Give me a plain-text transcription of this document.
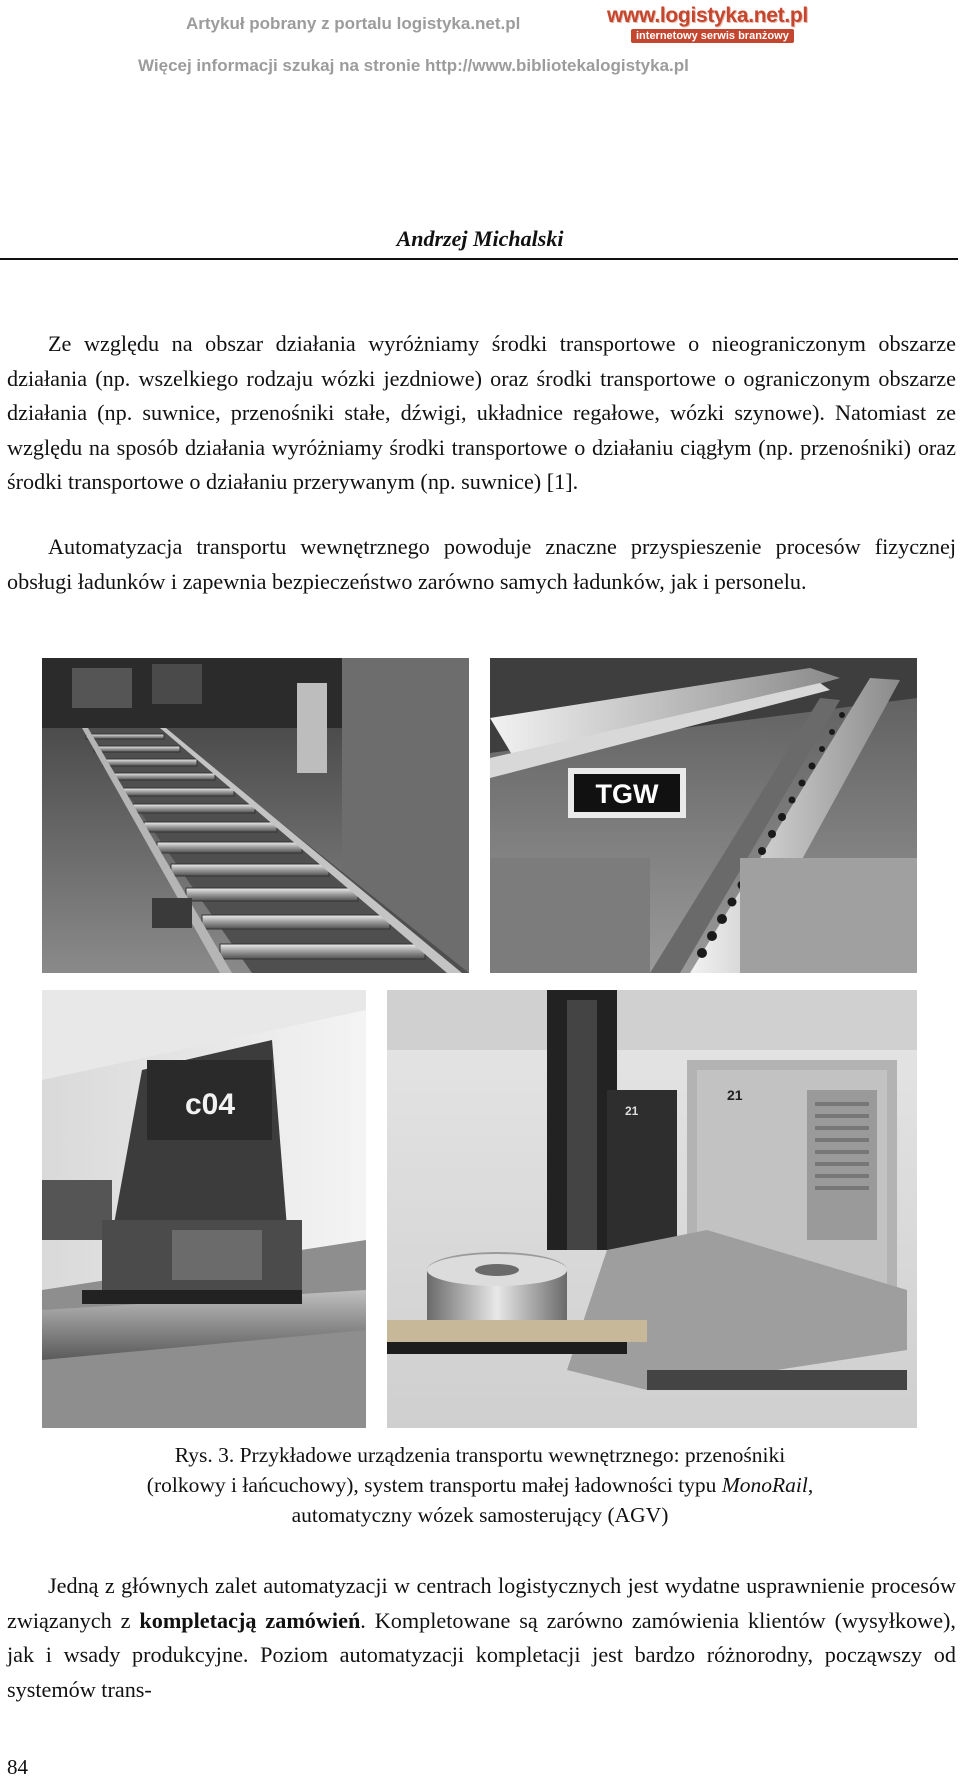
Artykuł pobrany z portalu logistyka.net.pl
Więcej informacji szukaj na stronie http://www.bibliotekalogistyka.pl
www.logistyka.net.pl
internetowy serwis branżowy
Andrzej Michalski

Ze względu na obszar działania wyróżniamy środki transportowe o nieograniczonym obszarze działania (np. wszelkiego rodzaju wózki jezdniowe) oraz środki transportowe o ograniczonym obszarze działania (np. suwnice, przenośniki stałe, dźwigi, układnice regałowe, wózki szynowe). Natomiast ze względu na sposób działania wyróżniamy środki transportowe o działaniu ciągłym (np. przenośniki) oraz środki transportowe o działaniu przerywanym (np. suwnice) [1].

Automatyzacja transportu wewnętrznego powoduje znaczne przyspieszenie procesów fizycznej obsługi ładunków i zapewnia bezpieczeństwo zarówno samych ładunków, jak i personelu.

TGW
c04	21
21
Rys. 3. Przykładowe urządzenia transportu wewnętrznego: przenośniki
(rolkowy i łańcuchowy), system transportu małej ładowności typu MonoRail,
automatyczny wózek samosterujący (AGV)

Jedną z głównych zalet automatyzacji w centrach logistycznych jest wydatne usprawnienie procesów związanych z kompletacją zamówień. Kompletowane są zarówno zamówienia klientów (wysyłkowe), jak i wsady produkcyjne. Poziom automatyzacji kompletacji jest bardzo różnorodny, począwszy od systemów trans-

84
